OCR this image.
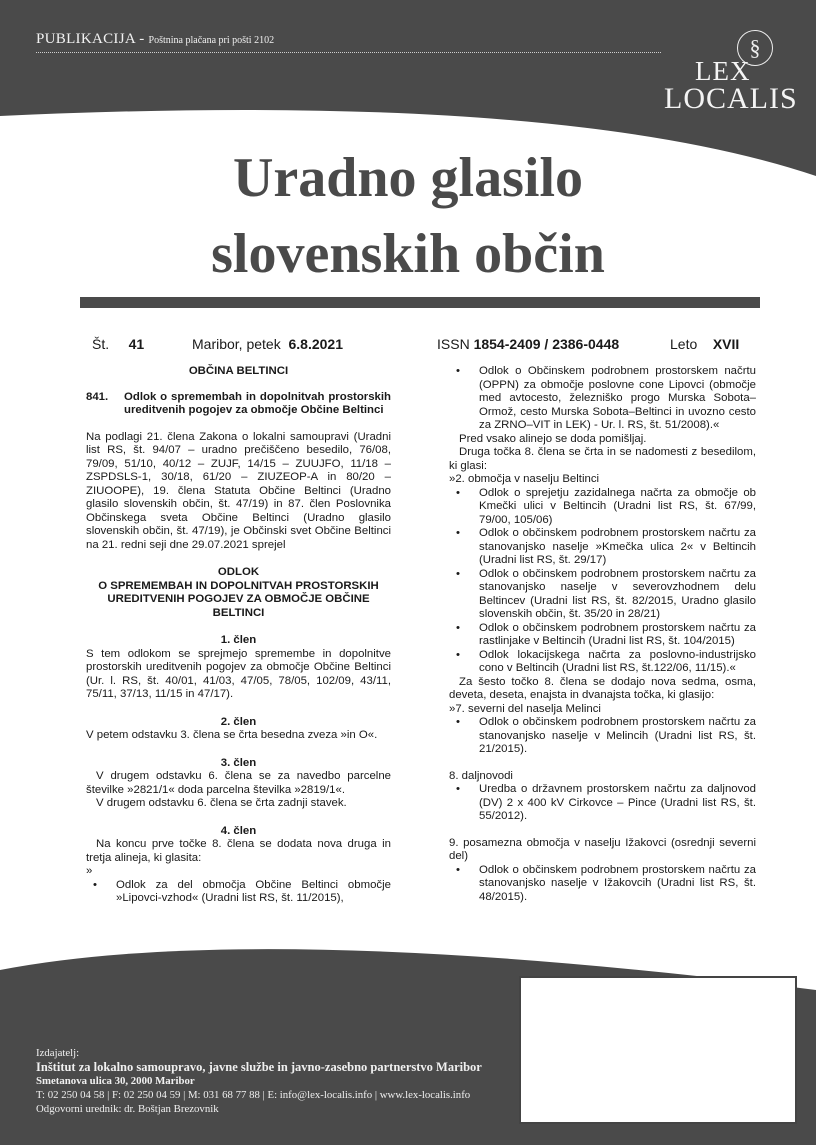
PUBLIKACIJA - Poštnina plačana pri pošti 2102	§
LEX
LOCALIS
Uradno glasilo
slovenskih občin
Št. 41	Maribor, petek 6.8.2021	ISSN 1854-2409 / 2386-0448	Leto XVII

OBČINA BELTINCI

841.	Odlok o spremembah in dopolnitvah prostorskih ureditvenih pogojev za območje Občine Beltinci

Na podlagi 21. člena Zakona o lokalni samoupravi (Uradni list RS, št. 94/07 – uradno prečiščeno besedilo, 76/08, 79/09, 51/10, 40/12 – ZUJF, 14/15 – ZUUJFO, 11/18 – ZSPDSLS-1, 30/18, 61/20 – ZIUZEOP-A in 80/20 – ZIUOOPE), 19. člena Statuta Občine Beltinci (Uradno glasilo slovenskih občin, št. 47/19) in 87. člen Poslovnika Občinskega sveta Občine Beltinci (Uradno glasilo slovenskih občin, št. 47/19), je Občinski svet Občine Beltinci na 21. redni seji dne 29.07.2021 sprejel

ODLOK

O SPREMEMBAH IN DOPOLNITVAH PROSTORSKIH UREDITVENIH POGOJEV ZA OBMOČJE OBČINE BELTINCI

1. člen

S tem odlokom se sprejmejo spremembe in dopolnitve prostorskih ureditvenih pogojev za območje Občine Beltinci (Ur. l. RS, št. 40/01, 41/03, 47/05, 78/05, 102/09, 43/11, 75/11, 37/13, 11/15 in 47/17).

2. člen

V petem odstavku 3. člena se črta besedna zveza »in O«.

3. člen

V drugem odstavku 6. člena se za navedbo parcelne številke »2821/1« doda parcelna številka »2819/1«.

V drugem odstavku 6. člena se črta zadnji stavek.

4. člen

Na koncu prve točke 8. člena se dodata nova druga in tretja alineja, ki glasita:

»

•	Odlok za del območja Občine Beltinci območje »Lipovci-vzhod« (Uradni list RS, št. 11/2015),
•	Odlok o Občinskem podrobnem prostorskem načrtu (OPPN) za območje poslovne cone Lipovci (območje med avtocesto, železniško progo Murska Sobota–Ormož, cesto Murska Sobota–Beltinci in uvozno cesto za ZRNO–VIT in LEK) - Ur. l. RS, št. 51/2008).«

Pred vsako alinejo se doda pomišljaj.

Druga točka 8. člena se črta in se nadomesti z besedilom, ki glasi:

»2. območja v naselju Beltinci

•	Odlok o sprejetju zazidalnega načrta za območje ob Kmečki ulici v Beltincih (Uradni list RS, št. 67/99, 79/00, 105/06)
•	Odlok o občinskem podrobnem prostorskem načrtu za stanovanjsko naselje »Kmečka ulica 2« v Beltincih (Uradni list RS, št. 29/17)
•	Odlok o občinskem podrobnem prostorskem načrtu za stanovanjsko naselje v severovzhodnem delu Beltincev (Uradni list RS, št. 82/2015, Uradno glasilo slovenskih občin, št. 35/20 in 28/21)
•	Odlok o občinskem podrobnem prostorskem načrtu za rastlinjake v Beltincih (Uradni list RS, št. 104/2015)
•	Odlok lokacijskega načrta za poslovno-industrijsko cono v Beltincih (Uradni list RS, št.122/06, 11/15).«

Za šesto točko 8. člena se dodajo nova sedma, osma, deveta, deseta, enajsta in dvanajsta točka, ki glasijo:

»7. severni del naselja Melinci

•	Odlok o občinskem podrobnem prostorskem načrtu za stanovanjsko naselje v Melincih (Uradni list RS, št. 21/2015).

8. daljnovodi

•	Uredba o državnem prostorskem načrtu za daljnovod (DV) 2 x 400 kV Cirkovce – Pince (Uradni list RS, št. 55/2012).

9. posamezna območja v naselju Ižakovci (osrednji severni del)

•	Odlok o občinskem podrobnem prostorskem načrtu za stanovanjsko naselje v Ižakovcih (Uradni list RS, št. 48/2015).
Izdajatelj:
Inštitut za lokalno samoupravo, javne službe in javno-zasebno partnerstvo Maribor
Smetanova ulica 30, 2000 Maribor
T: 02 250 04 58 | F: 02 250 04 59 | M: 031 68 77 88 | E: info@lex-localis.info | www.lex-localis.info
Odgovorni urednik: dr. Boštjan Brezovnik
